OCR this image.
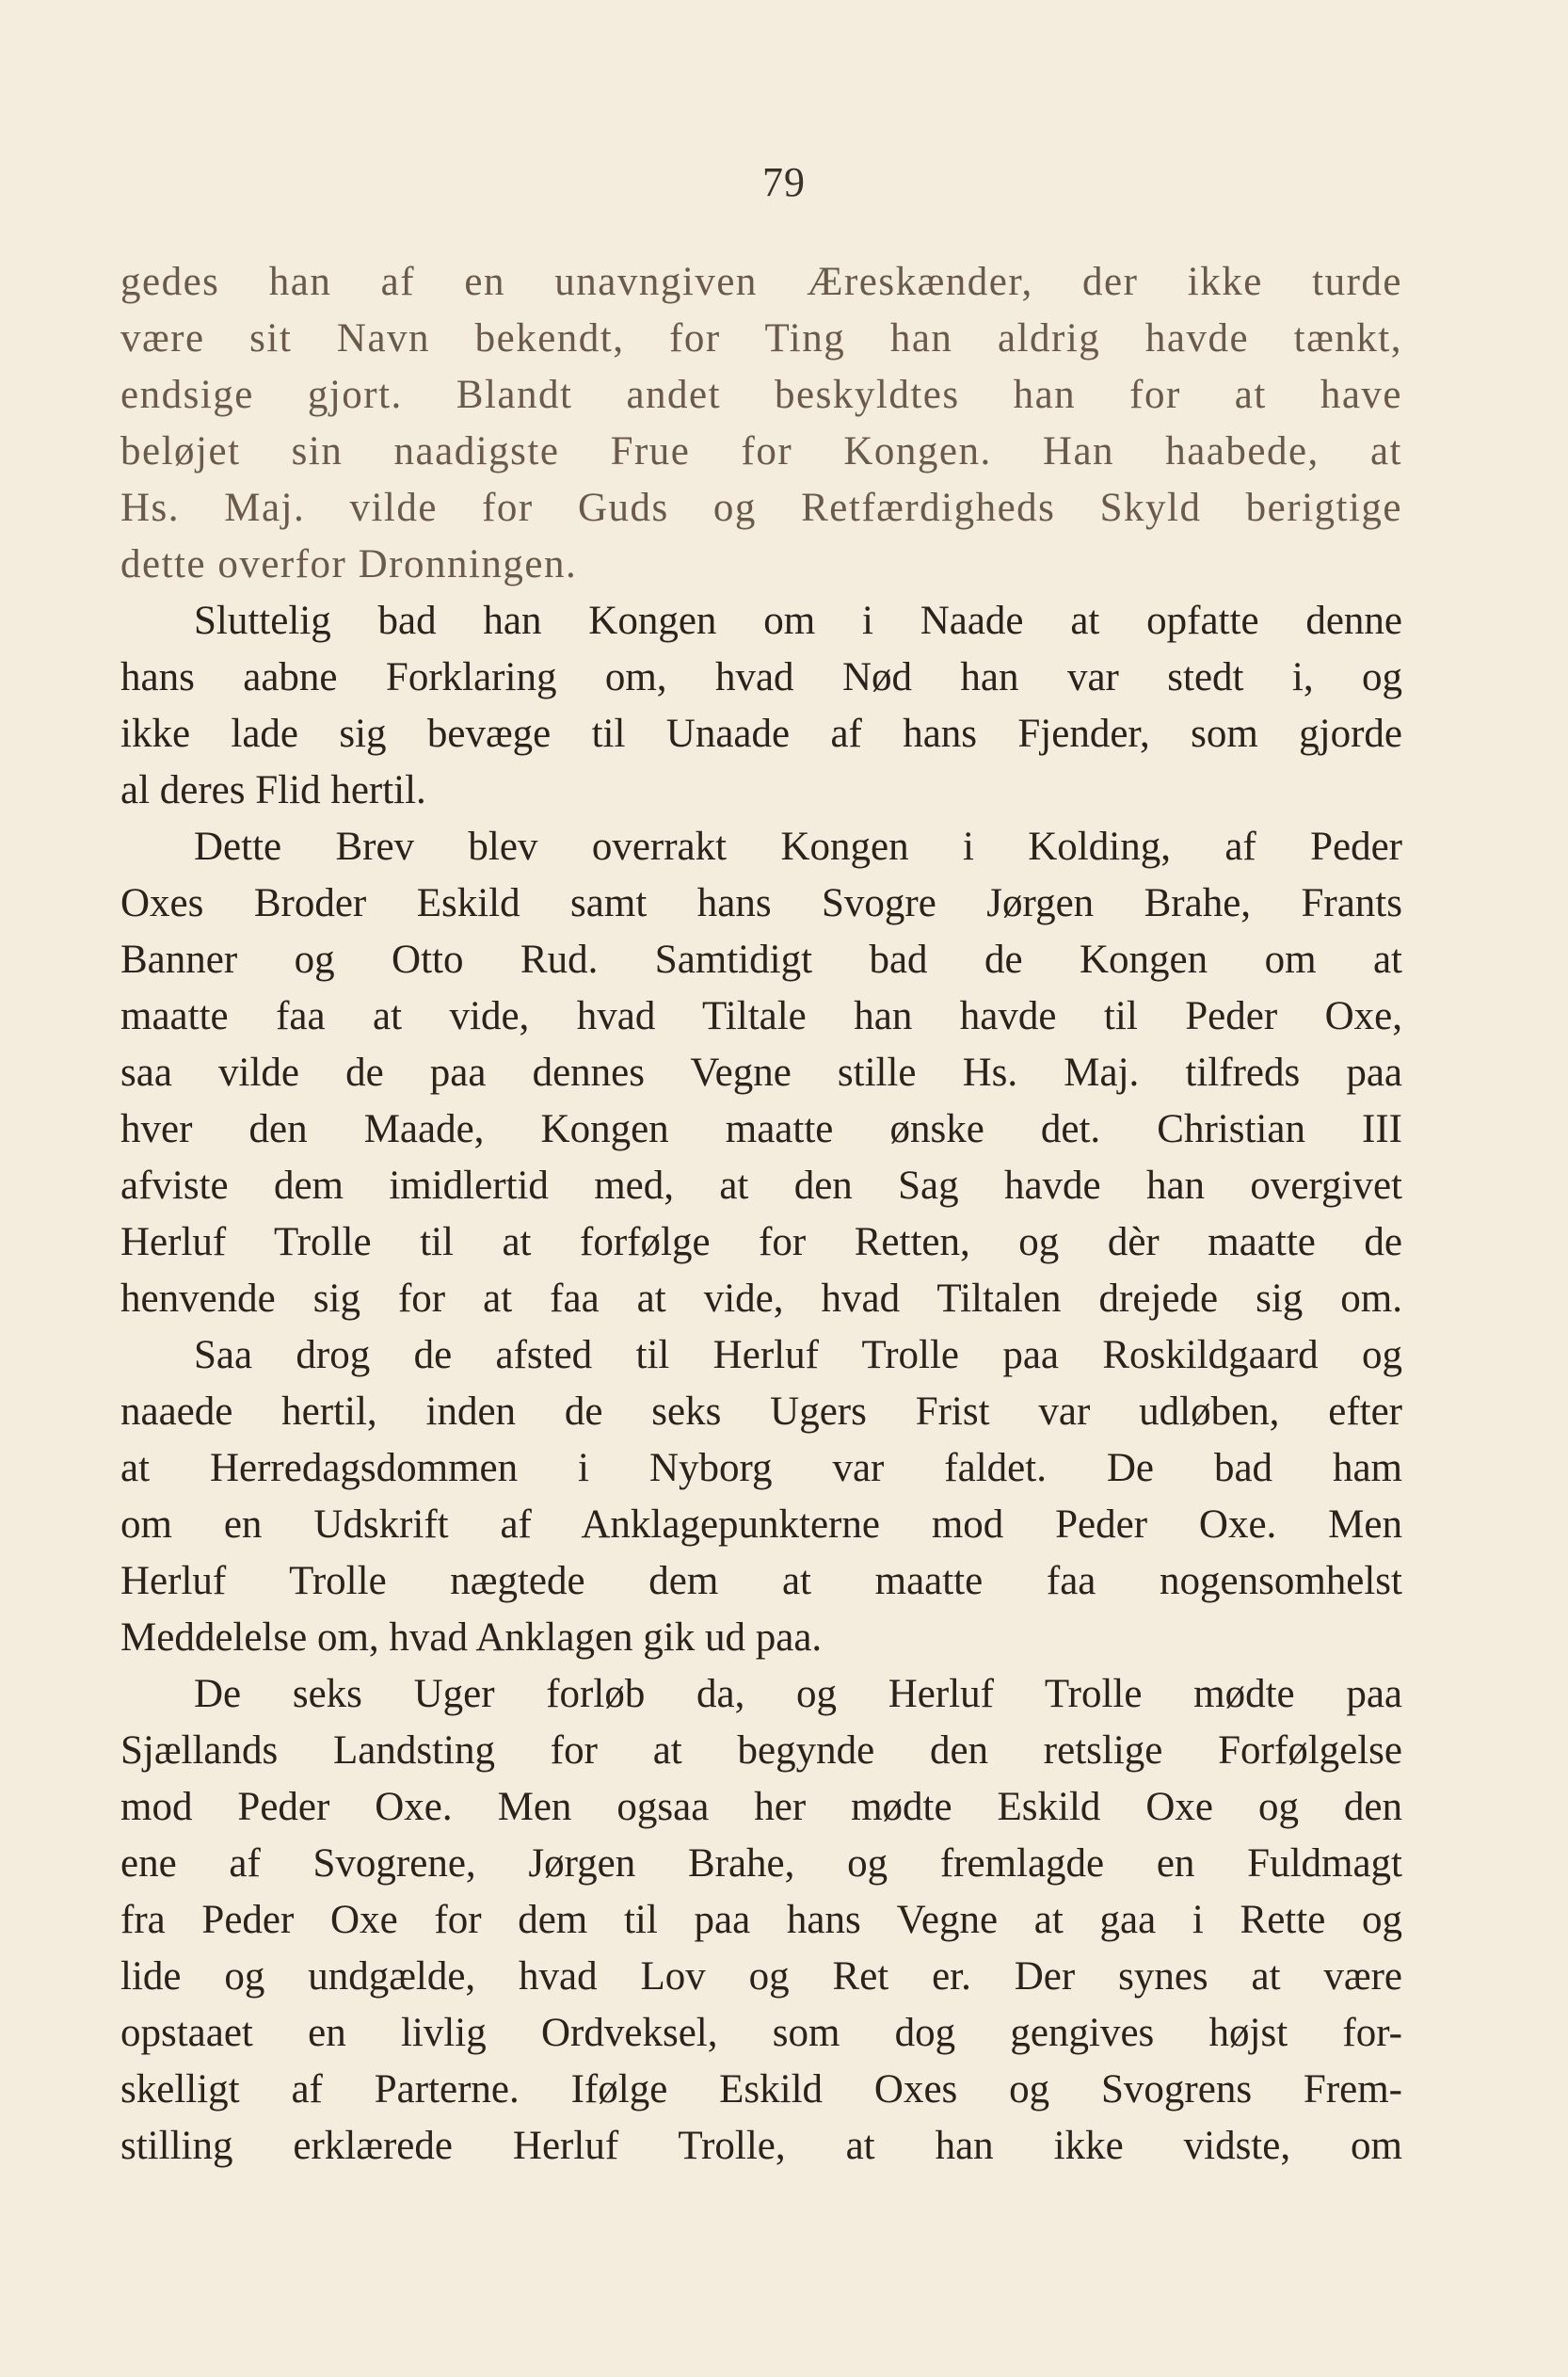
79
gedes han af en unavngiven Æreskænder, der ikke turde
være sit Navn bekendt, for Ting han aldrig havde tænkt,
endsige gjort. Blandt andet beskyldtes han for at have
beløjet sin naadigste Frue for Kongen. Han haabede, at
Hs. Maj. vilde for Guds og Retfærdigheds Skyld berigtige
dette overfor Dronningen.
Sluttelig bad han Kongen om i Naade at opfatte denne
hans aabne Forklaring om, hvad Nød han var stedt i, og
ikke lade sig bevæge til Unaade af hans Fjender, som gjorde
al deres Flid hertil.
Dette Brev blev overrakt Kongen i Kolding, af Peder
Oxes Broder Eskild samt hans Svogre Jørgen Brahe, Frants
Banner og Otto Rud. Samtidigt bad de Kongen om at
maatte faa at vide, hvad Tiltale han havde til Peder Oxe,
saa vilde de paa dennes Vegne stille Hs. Maj. tilfreds paa
hver den Maade, Kongen maatte ønske det. Christian III
afviste dem imidlertid med, at den Sag havde han overgivet
Herluf Trolle til at forfølge for Retten, og dèr maatte de
henvende sig for at faa at vide, hvad Tiltalen drejede sig om.
Saa drog de afsted til Herluf Trolle paa Roskildgaard og
naaede hertil, inden de seks Ugers Frist var udløben, efter
at Herredagsdommen i Nyborg var faldet. De bad ham
om en Udskrift af Anklagepunkterne mod Peder Oxe. Men
Herluf Trolle nægtede dem at maatte faa nogensomhelst
Meddelelse om, hvad Anklagen gik ud paa.
De seks Uger forløb da, og Herluf Trolle mødte paa
Sjællands Landsting for at begynde den retslige Forfølgelse
mod Peder Oxe. Men ogsaa her mødte Eskild Oxe og den
ene af Svogrene, Jørgen Brahe, og fremlagde en Fuldmagt
fra Peder Oxe for dem til paa hans Vegne at gaa i Rette og
lide og undgælde, hvad Lov og Ret er. Der synes at være
opstaaet en livlig Ordveksel, som dog gengives højst for-
skelligt af Parterne. Ifølge Eskild Oxes og Svogrens Frem-
stilling erklærede Herluf Trolle, at han ikke vidste, om
